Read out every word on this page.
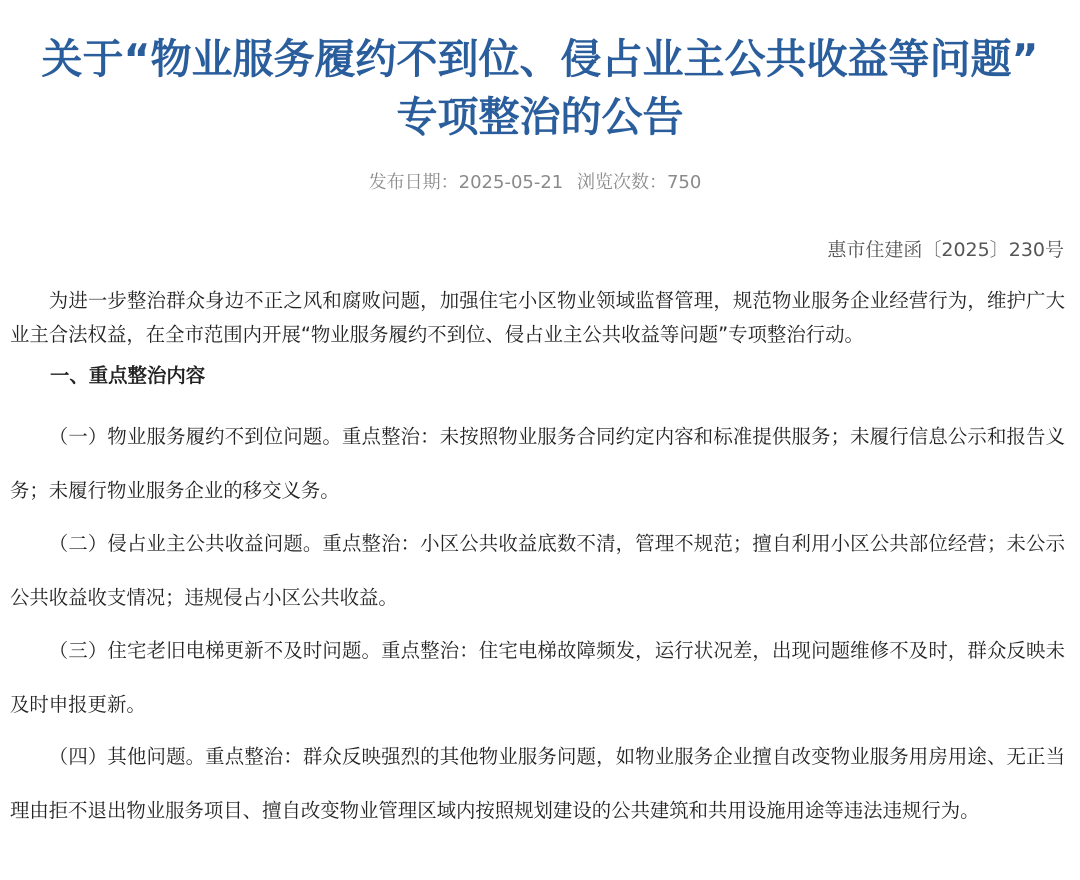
关于“物业服务履约不到位、侵占业主公共收益等问题”
专项整治的公告
发布日期：2025-05-21 浏览次数：750
惠市住建函〔2025〕230号

为进一步整治群众身边不正之风和腐败问题，加强住宅小区物业领域监督管理，规范物业服务企业经营行为，维护广大业主合法权益，在全市范围内开展“物业服务履约不到位、侵占业主公共收益等问题”专项整治行动。

一、重点整治内容

（一）物业服务履约不到位问题。重点整治：未按照物业服务合同约定内容和标准提供服务；未履行信息公示和报告义务；未履行物业服务企业的移交义务。

（二）侵占业主公共收益问题。重点整治：小区公共收益底数不清，管理不规范；擅自利用小区公共部位经营；未公示公共收益收支情况；违规侵占小区公共收益。

（三）住宅老旧电梯更新不及时问题。重点整治：住宅电梯故障频发，运行状况差，出现问题维修不及时，群众反映未及时申报更新。

（四）其他问题。重点整治：群众反映强烈的其他物业服务问题，如物业服务企业擅自改变物业服务用房用途、无正当理由拒不退出物业服务项目、擅自改变物业管理区域内按照规划建设的公共建筑和共用设施用途等违法违规行为。
